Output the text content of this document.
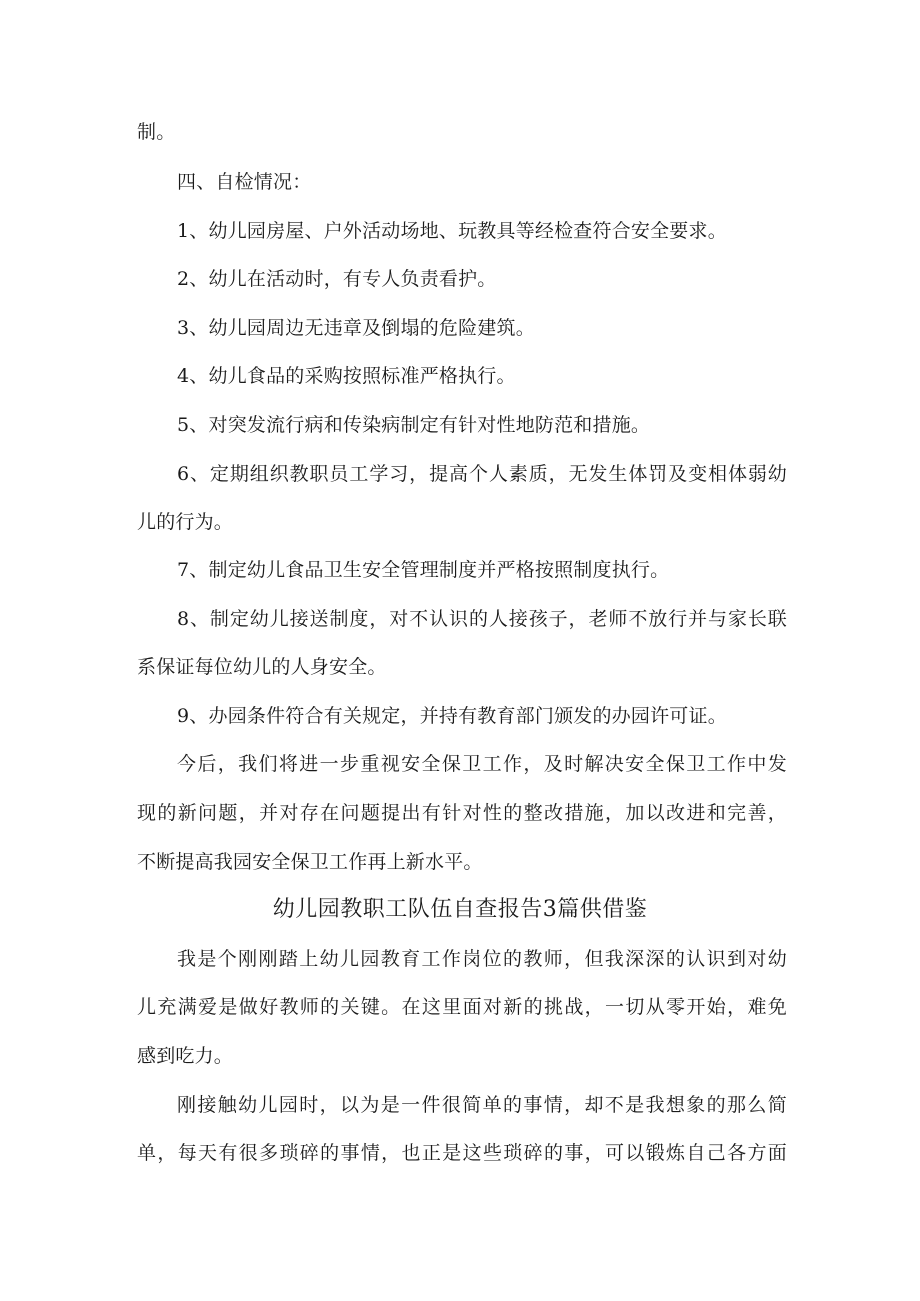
制。
四、自检情况：
1、幼儿园房屋、户外活动场地、玩教具等经检查符合安全要求。
2、幼儿在活动时，有专人负责看护。
3、幼儿园周边无违章及倒塌的危险建筑。
4、幼儿食品的采购按照标准严格执行。
5、对突发流行病和传染病制定有针对性地防范和措施。
6、定期组织教职员工学习，提高个人素质，无发生体罚及变相体弱幼
儿的行为。
7、制定幼儿食品卫生安全管理制度并严格按照制度执行。
8、制定幼儿接送制度，对不认识的人接孩子，老师不放行并与家长联
系保证每位幼儿的人身安全。
9、办园条件符合有关规定，并持有教育部门颁发的办园许可证。
今后，我们将进一步重视安全保卫工作，及时解决安全保卫工作中发
现的新问题，并对存在问题提出有针对性的整改措施，加以改进和完善，
不断提高我园安全保卫工作再上新水平。
幼儿园教职工队伍自查报告3篇供借鉴
我是个刚刚踏上幼儿园教育工作岗位的教师，但我深深的认识到对幼
儿充满爱是做好教师的关键。在这里面对新的挑战，一切从零开始，难免
感到吃力。
刚接触幼儿园时，以为是一件很简单的事情，却不是我想象的那么简
单，每天有很多琐碎的事情，也正是这些琐碎的事，可以锻炼自己各方面
